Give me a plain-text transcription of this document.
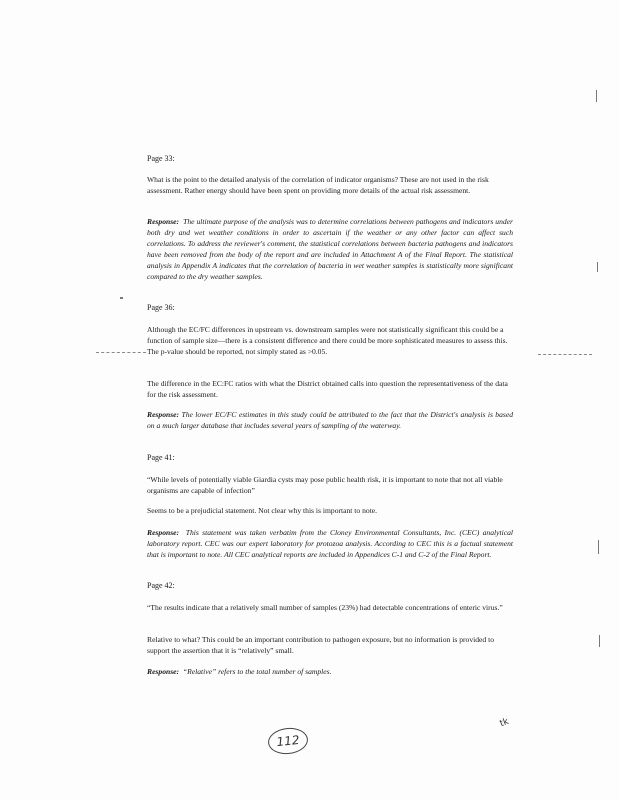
Page 33:

What is the point to the detailed analysis of the correlation of indicator organisms? These are not used in the risk assessment. Rather energy should have been spent on providing more details of the actual risk assessment.

Response: The ultimate purpose of the analysis was to determine correlations between pathogens and indicators under both dry and wet weather conditions in order to ascertain if the weather or any other factor can affect such correlations. To address the reviewer's comment, the statistical correlations between bacteria pathogens and indicators have been removed from the body of the report and are included in Attachment A of the Final Report. The statistical analysis in Appendix A indicates that the correlation of bacteria in wet weather samples is statistically more significant compared to the dry weather samples.

Page 36:

Although the EC/FC differences in upstream vs. downstream samples were not statistically significant this could be a function of sample size—there is a consistent difference and there could be more sophisticated measures to assess this. The p-value should be reported, not simply stated as >0.05.

The difference in the EC:FC ratios with what the District obtained calls into question the representativeness of the data for the risk assessment.

Response: The lower EC/FC estimates in this study could be attributed to the fact that the District's analysis is based on a much larger database that includes several years of sampling of the waterway.

Page 41:

“While levels of potentially viable Giardia cysts may pose public health risk, it is important to note that not all viable organisms are capable of infection”

Seems to be a prejudicial statement. Not clear why this is important to note.

Response: This statement was taken verbatim from the Cloney Environmental Consultants, Inc. (CEC) analytical laboratory report. CEC was our expert laboratory for protozoa analysis. According to CEC this is a factual statement that is important to note. All CEC analytical reports are included in Appendices C-1 and C-2 of the Final Report.

Page 42:

“The results indicate that a relatively small number of samples (23%) had detectable concentrations of enteric virus.”

Relative to what? This could be an important contribution to pathogen exposure, but no information is provided to support the assertion that it is “relatively” small.

Response: “Relative” refers to the total number of samples.

112
tk
